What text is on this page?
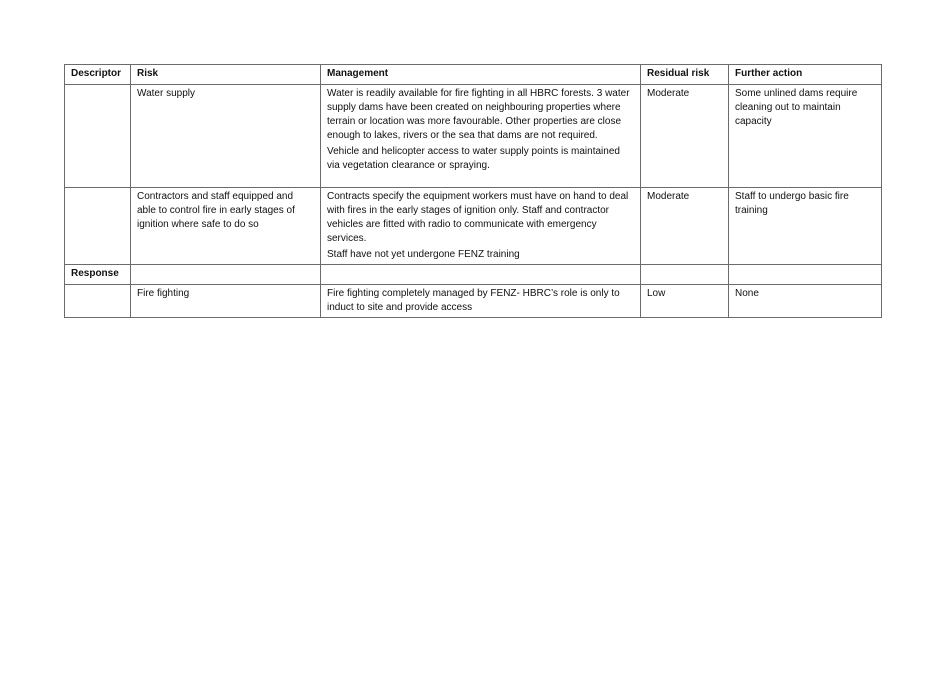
Descriptor	Risk	Management	Residual risk	Further action
	Water supply	Water is readily available for fire fighting in all HBRC forests. 3 water supply dams have been created on neighbouring properties where terrain or location was more favourable. Other properties are close enough to lakes, rivers or the sea that dams are not required.

Vehicle and helicopter access to water supply points is maintained via vegetation clearance or spraying.	Moderate	Some unlined dams require cleaning out to maintain capacity
	Contractors and staff equipped and able to control fire in early stages of ignition where safe to do so	Contracts specify the equipment workers must have on hand to deal with fires in the early stages of ignition only. Staff and contractor vehicles are fitted with radio to communicate with emergency services.

Staff have not yet undergone FENZ training	Moderate	Staff to undergo basic fire training
Response				
	Fire fighting	Fire fighting completely managed by FENZ- HBRC’s role is only to induct to site and provide access	Low	None
